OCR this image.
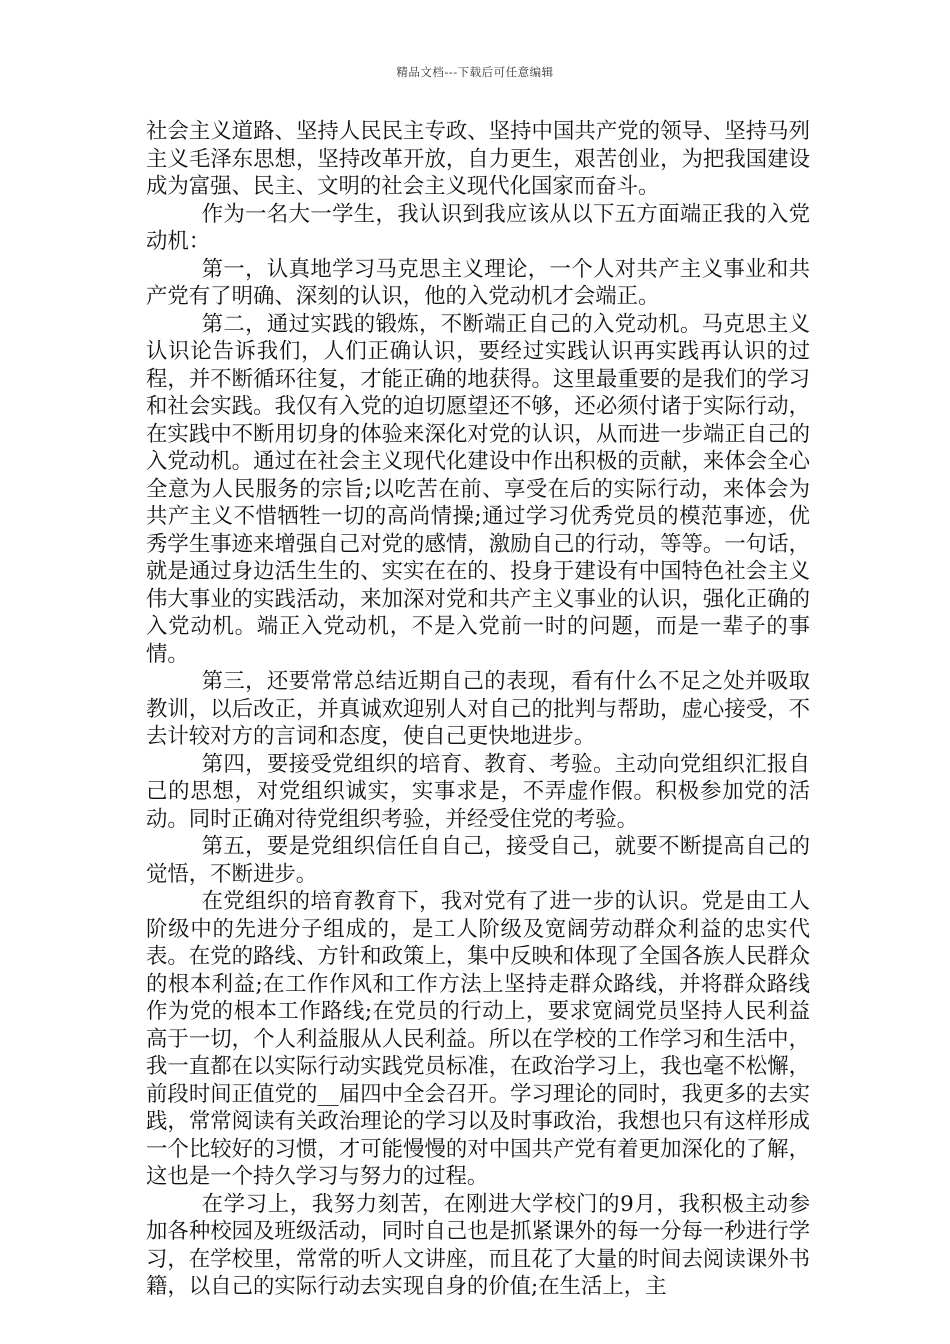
精品文档---下载后可任意编辑

社会主义道路、坚持人民民主专政、坚持中国共产党的领导、坚持马列主义毛泽东思想，坚持改革开放，自力更生，艰苦创业，为把我国建设成为富强、民主、文明的社会主义现代化国家而奋斗。

作为一名大一学生，我认识到我应该从以下五方面端正我的入党动机：

第一，认真地学习马克思主义理论，一个人对共产主义事业和共产党有了明确、深刻的认识，他的入党动机才会端正。

第二，通过实践的锻炼，不断端正自己的入党动机。马克思主义认识论告诉我们，人们正确认识，要经过实践认识再实践再认识的过程，并不断循环往复，才能正确的地获得。这里最重要的是我们的学习和社会实践。我仅有入党的迫切愿望还不够，还必须付诸于实际行动，在实践中不断用切身的体验来深化对党的认识，从而进一步端正自己的入党动机。通过在社会主义现代化建设中作出积极的贡献，来体会全心全意为人民服务的宗旨;以吃苦在前、享受在后的实际行动，来体会为共产主义不惜牺牲一切的高尚情操;通过学习优秀党员的模范事迹，优秀学生事迹来增强自己对党的感情，激励自己的行动，等等。一句话，就是通过身边活生生的、实实在在的、投身于建设有中国特色社会主义伟大事业的实践活动，来加深对党和共产主义事业的认识，强化正确的入党动机。端正入党动机，不是入党前一时的问题，而是一辈子的事情。

第三，还要常常总结近期自己的表现，看有什么不足之处并吸取教训，以后改正，并真诚欢迎别人对自己的批判与帮助，虚心接受，不去计较对方的言词和态度，使自己更快地进步。

第四，要接受党组织的培育、教育、考验。主动向党组织汇报自己的思想，对党组织诚实，实事求是，不弄虚作假。积极参加党的活动。同时正确对待党组织考验，并经受住党的考验。

第五，要是党组织信任自自己，接受自己，就要不断提高自己的觉悟，不断进步。

在党组织的培育教育下，我对党有了进一步的认识。党是由工人阶级中的先进分子组成的，是工人阶级及宽阔劳动群众利益的忠实代表。在党的路线、方针和政策上，集中反映和体现了全国各族人民群众的根本利益;在工作作风和工作方法上坚持走群众路线，并将群众路线作为党的根本工作路线;在党员的行动上，要求宽阔党员坚持人民利益高于一切，个人利益服从人民利益。所以在学校的工作学习和生活中，我一直都在以实际行动实践党员标准，在政治学习上，我也毫不松懈，前段时间正值党的__届四中全会召开。学习理论的同时，我更多的去实践，常常阅读有关政治理论的学习以及时事政治，我想也只有这样形成一个比较好的习惯，才可能慢慢的对中国共产党有着更加深化的了解，这也是一个持久学习与努力的过程。

在学习上，我努力刻苦，在刚进大学校门的9月，我积极主动参加各种校园及班级活动，同时自己也是抓紧课外的每一分每一秒进行学习，在学校里，常常的听人文讲座，而且花了大量的时间去阅读课外书籍，以自己的实际行动去实现自身的价值;在生活上，主
